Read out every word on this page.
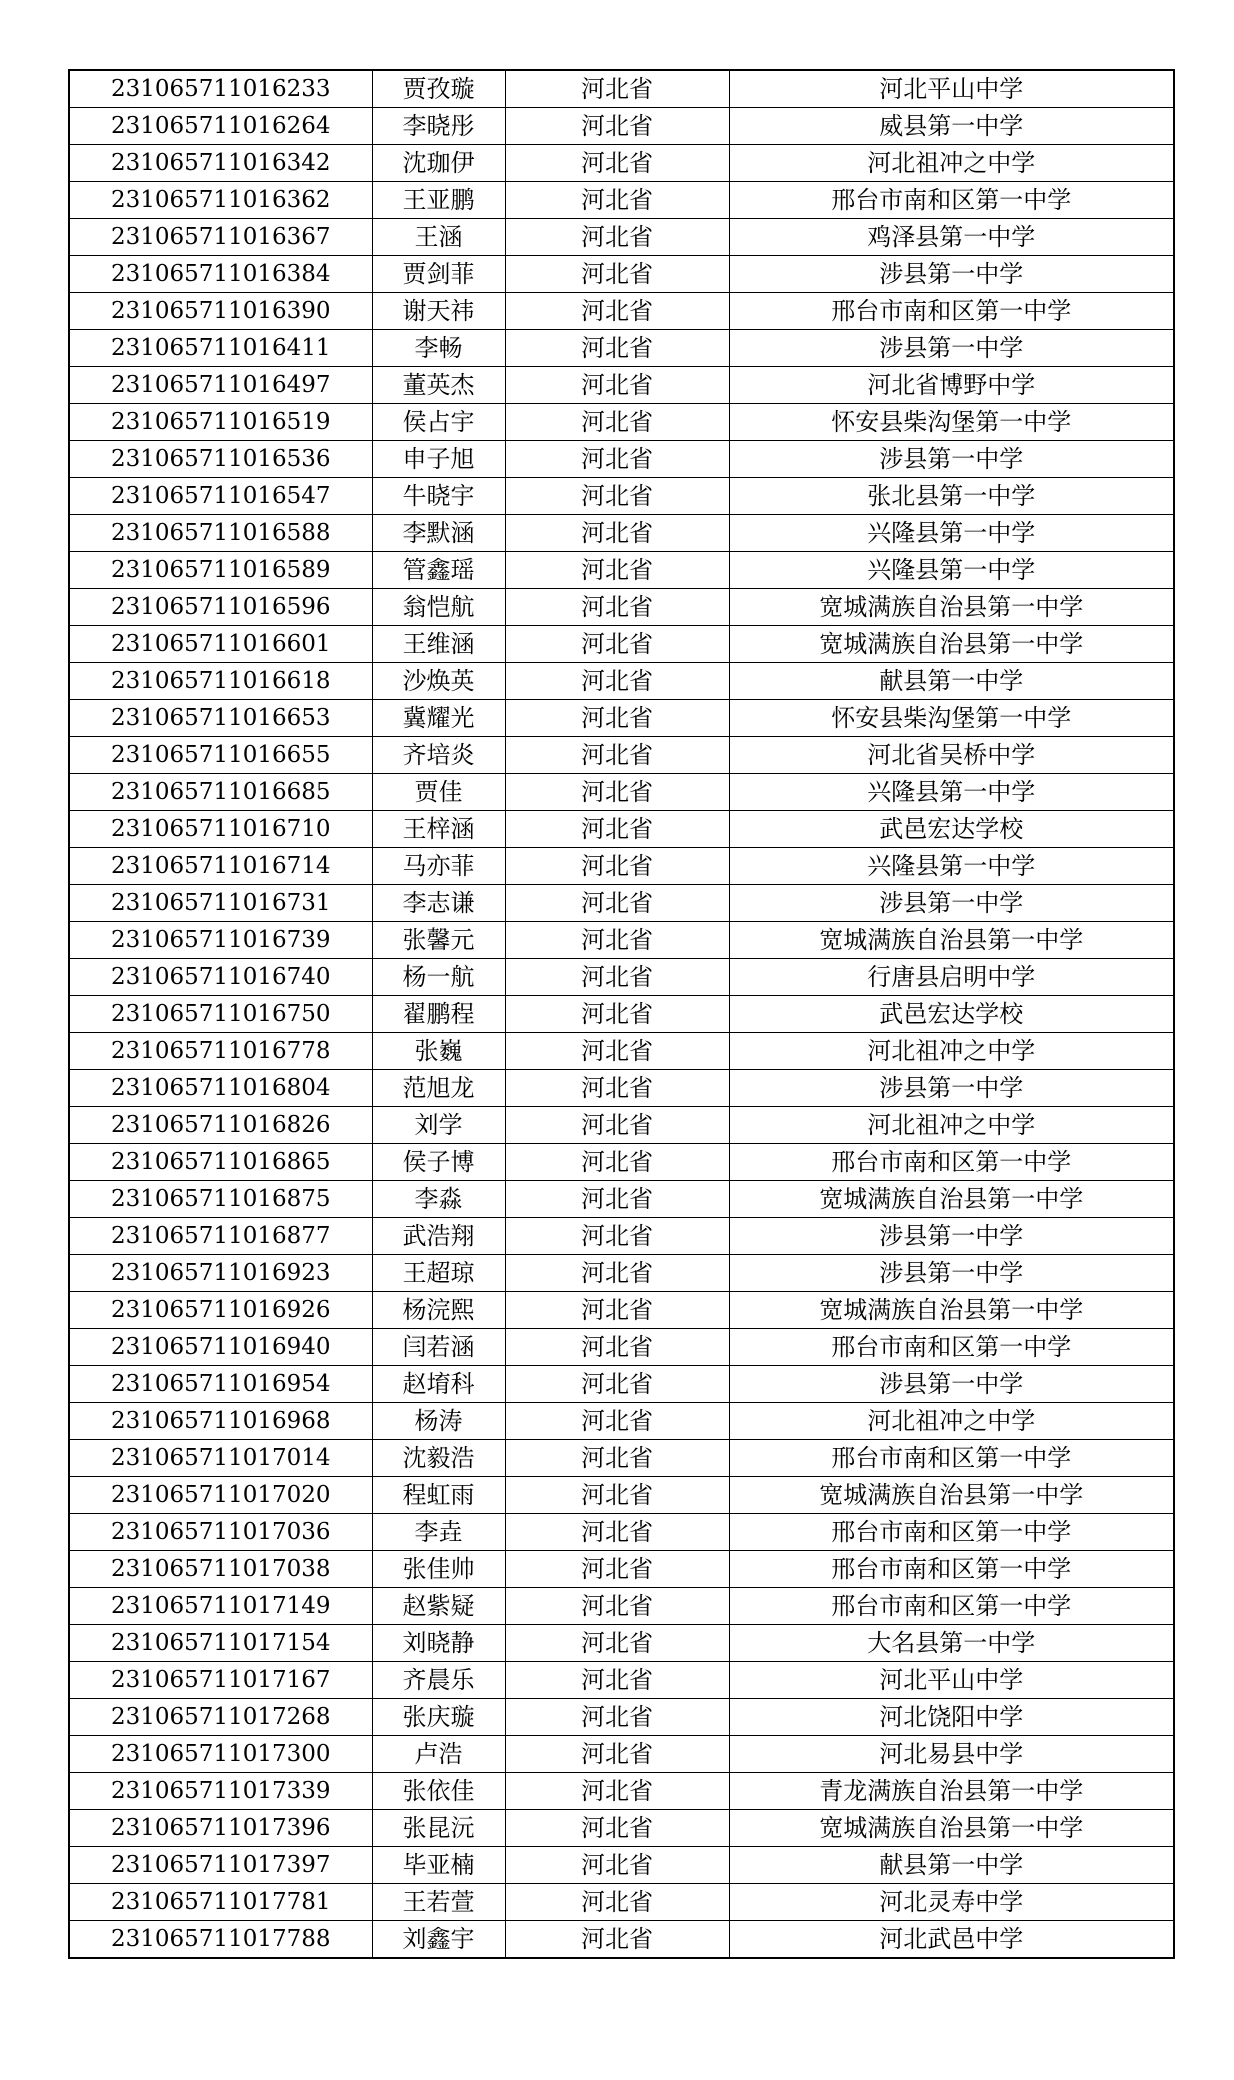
231065711016233	贾孜璇	河北省	河北平山中学
231065711016264	李晓彤	河北省	威县第一中学
231065711016342	沈珈伊	河北省	河北祖冲之中学
231065711016362	王亚鹏	河北省	邢台市南和区第一中学
231065711016367	王涵	河北省	鸡泽县第一中学
231065711016384	贾剑菲	河北省	涉县第一中学
231065711016390	谢天祎	河北省	邢台市南和区第一中学
231065711016411	李畅	河北省	涉县第一中学
231065711016497	董英杰	河北省	河北省博野中学
231065711016519	侯占宇	河北省	怀安县柴沟堡第一中学
231065711016536	申子旭	河北省	涉县第一中学
231065711016547	牛晓宇	河北省	张北县第一中学
231065711016588	李默涵	河北省	兴隆县第一中学
231065711016589	管鑫瑶	河北省	兴隆县第一中学
231065711016596	翁恺航	河北省	宽城满族自治县第一中学
231065711016601	王维涵	河北省	宽城满族自治县第一中学
231065711016618	沙焕英	河北省	献县第一中学
231065711016653	冀耀光	河北省	怀安县柴沟堡第一中学
231065711016655	齐培炎	河北省	河北省吴桥中学
231065711016685	贾佳	河北省	兴隆县第一中学
231065711016710	王梓涵	河北省	武邑宏达学校
231065711016714	马亦菲	河北省	兴隆县第一中学
231065711016731	李志谦	河北省	涉县第一中学
231065711016739	张馨元	河北省	宽城满族自治县第一中学
231065711016740	杨一航	河北省	行唐县启明中学
231065711016750	翟鹏程	河北省	武邑宏达学校
231065711016778	张巍	河北省	河北祖冲之中学
231065711016804	范旭龙	河北省	涉县第一中学
231065711016826	刘学	河北省	河北祖冲之中学
231065711016865	侯子博	河北省	邢台市南和区第一中学
231065711016875	李淼	河北省	宽城满族自治县第一中学
231065711016877	武浩翔	河北省	涉县第一中学
231065711016923	王超琼	河北省	涉县第一中学
231065711016926	杨浣熙	河北省	宽城满族自治县第一中学
231065711016940	闫若涵	河北省	邢台市南和区第一中学
231065711016954	赵堉科	河北省	涉县第一中学
231065711016968	杨涛	河北省	河北祖冲之中学
231065711017014	沈毅浩	河北省	邢台市南和区第一中学
231065711017020	程虹雨	河北省	宽城满族自治县第一中学
231065711017036	李垚	河北省	邢台市南和区第一中学
231065711017038	张佳帅	河北省	邢台市南和区第一中学
231065711017149	赵紫疑	河北省	邢台市南和区第一中学
231065711017154	刘晓静	河北省	大名县第一中学
231065711017167	齐晨乐	河北省	河北平山中学
231065711017268	张庆璇	河北省	河北饶阳中学
231065711017300	卢浩	河北省	河北易县中学
231065711017339	张依佳	河北省	青龙满族自治县第一中学
231065711017396	张昆沅	河北省	宽城满族自治县第一中学
231065711017397	毕亚楠	河北省	献县第一中学
231065711017781	王若萱	河北省	河北灵寿中学
231065711017788	刘鑫宇	河北省	河北武邑中学
